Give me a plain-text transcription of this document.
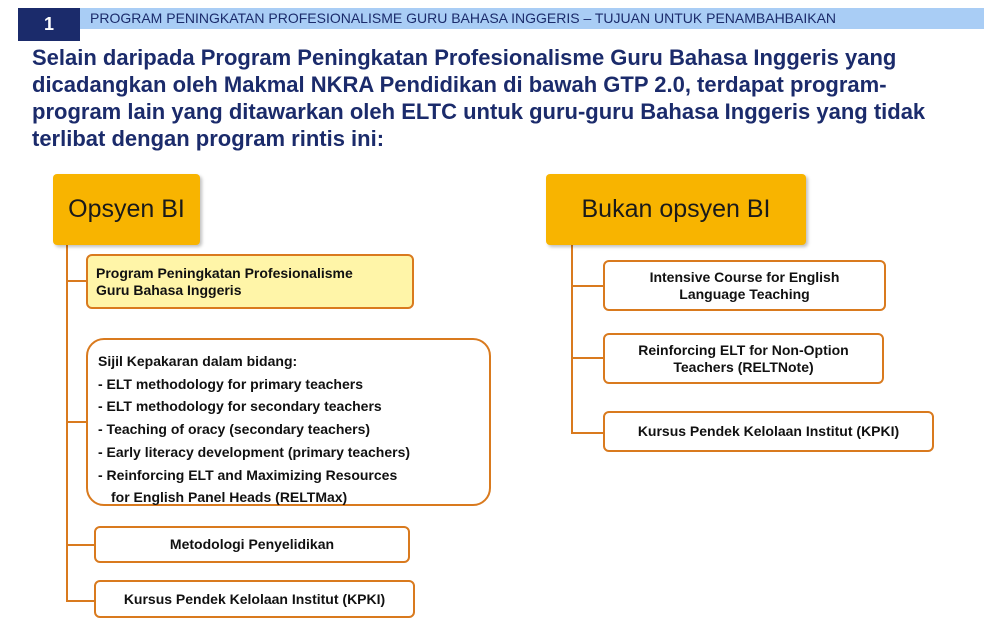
1	PROGRAM PENINGKATAN PROFESIONALISME GURU BAHASA INGGERIS – TUJUAN UNTUK PENAMBAHBAIKAN
Selain daripada Program Peningkatan Profesionalisme Guru Bahasa Inggeris yang dicadangkan oleh Makmal NKRA Pendidikan di bawah GTP 2.0, terdapat program-program lain yang ditawarkan oleh ELTC untuk guru-guru Bahasa Inggeris yang tidak terlibat dengan program rintis ini:
Opsyen BI	Bukan opsyen BI
Program Peningkatan Profesionalisme
Guru Bahasa Inggeris
Sijil Kepakaran dalam bidang:
- ELT methodology for primary teachers
- ELT methodology for secondary teachers
- Teaching of oracy (secondary teachers)
- Early literacy development (primary teachers)
- Reinforcing ELT and Maximizing Resources
for English Panel Heads (RELTMax)
Metodologi Penyelidikan
Kursus Pendek Kelolaan Institut (KPKI)
Intensive Course for English
Language Teaching
Reinforcing ELT for Non-Option
Teachers (RELTNote)
Kursus Pendek Kelolaan Institut (KPKI)
